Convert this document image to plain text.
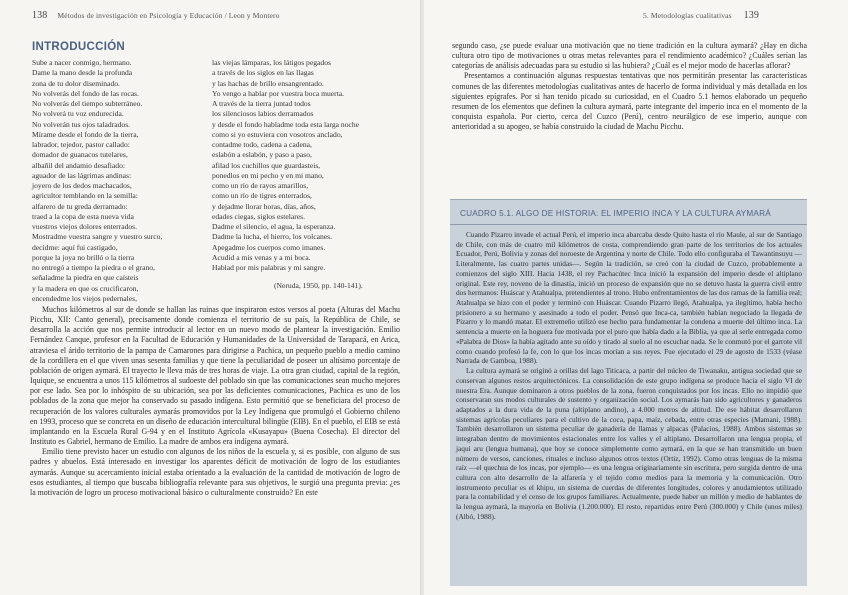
138 Métodos de investigación en Psicología y Educación / Leon y Montero
INTRODUCCIÓN
Sube a nacer conmigo, hermano.
Dame la mano desde la profunda
zona de tu dolor diseminado.
No volverás del fondo de las rocas.
No volverás del tiempo subterráneo.
No volverá tu voz endurecida.
No volverán tus ojos taladrados.
Mírame desde el fondo de la tierra,
labrador, tejedor, pastor callado:
domador de guanacos tutelares,
albañil del andamio desafiado:
aguador de las lágrimas andinas:
joyero de los dedos machacados,
agricultor temblando en la semilla:
alfarero de tu greda derramado:
traed a la copa de esta nueva vida
vuestros viejos dolores enterrados.
Mostradme vuestra sangre y vuestro surco,
decidme: aquí fui castigado,
porque la joya no brilló o la tierra
no entregó a tiempo la piedra o el grano,
señaladme la piedra en que caísteis
y la madera en que os crucificaron,
encendedme los viejos pedernales,
las viejas lámparas, los látigos pegados
a través de los siglos en las llagas
y las hachas de brillo ensangrentado.
Yo vengo a hablar por vuestra boca muerta.
A través de la tierra juntad todos
los silenciosos labios derramados
y desde el fondo habladme toda esta larga noche
como si yo estuviera con vosotros anclado,
contadme todo, cadena a cadena,
eslabón a eslabón, y paso a paso,
afilad los cuchillos que guardasteis,
ponedlos en mi pecho y en mi mano,
como un río de rayos amarillos,
como un río de tigres enterrados,
y dejadme llorar horas, días, años,
edades ciegas, siglos estelares.
Dadme el silencio, el agua, la esperanza.
Dadme la lucha, el hierro, los volcanes.
Apegadme los cuerpos como imanes.
Acudid a mis venas y a mi boca.
Hablad por mis palabras y mi sangre.
(Neruda, 1950, pp. 140-141).

Muchos kilómetros al sur de donde se hallan las ruinas que inspiraron estos versos al poeta (Alturas del Machu Picchu, XII: Canto general), precisamente donde comienza el territorio de su país, la República de Chile, se desarrolla la acción que nos permite introducir al lector en un nuevo modo de plantear la investigación. Emilio Fernández Canque, profesor en la Facultad de Educación y Humanidades de la Universidad de Tarapacá, en Arica, atraviesa el árido territorio de la pampa de Camarones para dirigirse a Pachica, un pequeño pueblo a medio camino de la cordillera en el que viven unas sesenta familias y que tiene la peculiaridad de poseer un altísimo porcentaje de población de origen aymará. El trayecto le lleva más de tres horas de viaje. La otra gran ciudad, capital de la región, Iquique, se encuentra a unos 115 kilómetros al sudoeste del poblado sin que las comunicaciones sean mucho mejores por ese lado. Sea por lo inhóspito de su ubicación, sea por las deficientes comunicaciones, Pachica es uno de los poblados de la zona que mejor ha conservado su pasado indígena. Esto permitió que se beneficiara del proceso de recuperación de los valores culturales aymarás promovidos por la Ley Indígena que promulgó el Gobierno chileno en 1993, proceso que se concreta en un diseño de educación intercultural bilingüe (EIB). En el pueblo, el EIB se está implantando en la Escuela Rural G-94 y en el Instituto Agrícola «Kusayapu» (Buena Cosecha). El director del Instituto es Gabriel, hermano de Emilio. La madre de ambos era indígena aymará.

Emilio tiene previsto hacer un estudio con algunos de los niños de la escuela y, si es posible, con alguno de sus padres y abuelos. Está interesado en investigar los aparentes déficit de motivación de logro de los estudiantes aymarás. Aunque su acercamiento inicial estaba orientado a la evaluación de la cantidad de motivación de logro de esos estudiantes, al tiempo que buscaba bibliografía relevante para sus objetivos, le surgió una pregunta previa: ¿es la motivación de logro un proceso motivacional básico o culturalmente construido? En este

5. Metodologías cualitativas 139

segundo caso, ¿se puede evaluar una motivación que no tiene tradición en la cultura aymará? ¿Hay en dicha cultura otro tipo de motivaciones u otras metas relevantes para el rendimiento académico? ¿Cuáles serían las categorías de análisis adecuadas para su estudio si las hubiera? ¿Cuál es el mejor modo de hacerlas aflorar?

Presentamos a continuación algunas respuestas tentativas que nos permitirán presentar las características comunes de las diferentes metodologías cualitativas antes de hacerlo de forma individual y más detallada en los siguientes epígrafes. Por si han tenido picado su curiosidad, en el Cuadro 5.1 hemos elaborado un pequeño resumen de los elementos que definen la cultura aymará, parte integrante del imperio inca en el momento de la conquista española. Por cierto, cerca del Cuzco (Perú), centro neurálgico de ese imperio, aunque con anterioridad a su apogeo, se había construido la ciudad de Machu Picchu.

CUADRO 5.1. ALGO DE HISTORIA: EL IMPERIO INCA Y LA CULTURA AYMARÁ

Cuando Pizarro invade el actual Perú, el imperio inca abarcaba desde Quito hasta el río Maule, al sur de Santiago de Chile, con más de cuatro mil kilómetros de costa, comprendiendo gran parte de los territorios de los actuales Ecuador, Perú, Bolivia y zonas del noroeste de Argentina y norte de Chile. Todo ello configuraba el Tawantinsuyu —Literalmente, las cuatro partes unidas—. Según la tradición, se creó con la ciudad de Cuzco, probablemente a comienzos del siglo XIII. Hacia 1438, el rey Pachacútec Inca inició la expansión del imperio desde el altiplano original. Este rey, noveno de la dinastía, inició un proceso de expansión que no se detuvo hasta la guerra civil entre dos hermanos: Huáscar y Atahualpa, pretendientes al trono. Hubo enfrentamientos de las dos ramas de la familia real; Atahualpa se hizo con el poder y terminó con Huáscar. Cuando Pizarro llegó, Atahualpa, ya ilegítimo, había hecho prisionero a su hermano y asesinado a todo el poder. Pensó que Inca-ca, también habían negociado la llegada de Pizarro y lo mandó matar. El extremeño utilizó ese hecho para fundamentar la condena a muerte del último inca. La sentencia a muerte en la hoguera fue motivada por el puro que había dado a la Biblia, ya que al serle entregada como «Palabra de Dios» la había agitado ante su oído y tirado al suelo al no escuchar nada. Se le conmutó por el garrote vil como cuando profesó la fe, con lo que los incas morían a sus reyes. Fue ejecutado el 29 de agosto de 1533 (véase Narrada de Gamboa, 1988).

La cultura aymará se originó a orillas del lago Titicaca, a partir del núcleo de Tiwanaku, antigua sociedad que se conservan algunos restos arquitectónicos. La consolidación de este grupo indígena se produce hacia el siglo VI de nuestra Era. Aunque dominaron a otros pueblos de la zona, fueron conquistados por los incas. Ello no impidió que conservaran sus modos culturales de sustento y organización social. Los aymarás han sido agricultores y ganaderos adaptados a la dura vida de la puna (altiplano andino), a 4.000 metros de altitud. De ese hábitat desarrollaron sistemas agrícolas peculiares para el cultivo de la coca, papa, maíz, cebada, entre otras especies (Mamani, 1988). También desarrollaron un sistema peculiar de ganadería de llamas y alpacas (Palacios, 1988). Ambos sistemas se integraban dentro de movimientos estacionales entre los valles y el altiplano. Desarrollaron una lengua propia, el jaqui aru (lengua humana), que hoy se conoce simplemente como aymará, en la que se han transmitido un buen número de versos, canciones, rituales e incluso algunos otros textos (Ortiz, 1992). Como otras lenguas de la misma raíz —el quechua de los incas, por ejemplo— es una lengua originariamente sin escritura, pero surgida dentro de una cultura con alto desarrollo de la alfarería y el tejido como medios para la memoria y la comunicación. Otro instrumento peculiar es el khipu, un sistema de cuerdas de diferentes longitudes, colores y anudamientos utilizado para la contabilidad y el censo de los grupos familiares. Actualmente, puede haber un millón y medio de hablantes de la lengua aymará, la mayoría en Bolivia (1.200.000). El resto, repartidos entre Perú (300.000) y Chile (unos miles) (Albó, 1988).
